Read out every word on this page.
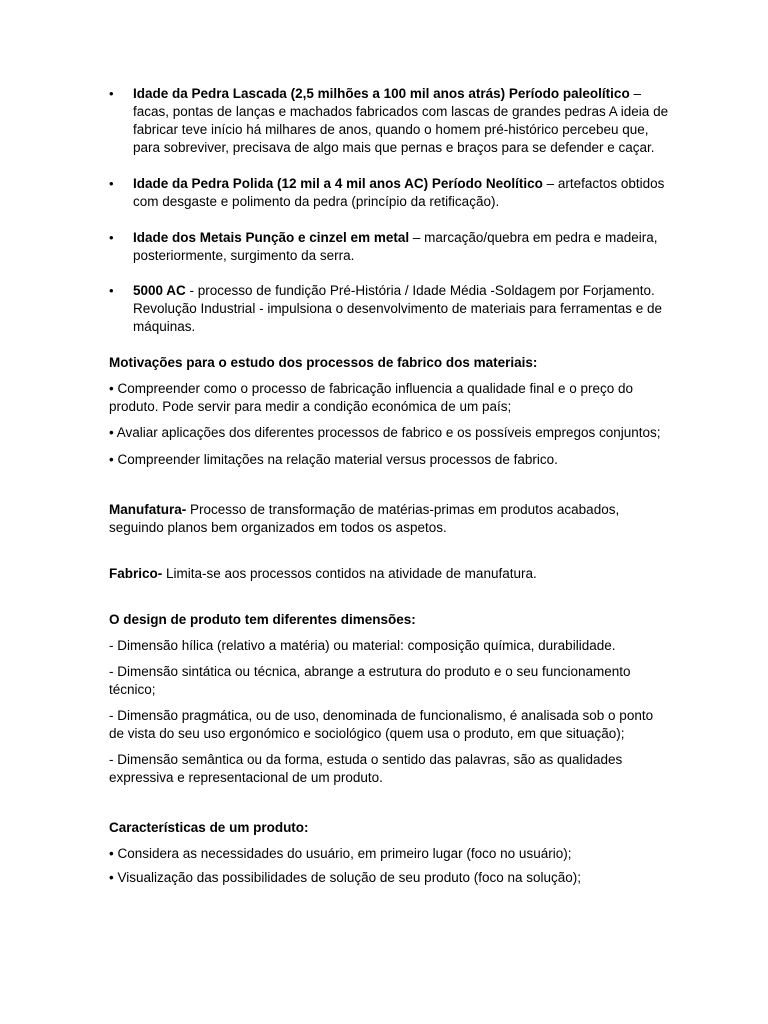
• Idade da Pedra Lascada (2,5 milhões a 100 mil anos atrás) Período paleolítico – facas, pontas de lanças e machados fabricados com lascas de grandes pedras A ideia de fabricar teve início há milhares de anos, quando o homem pré-histórico percebeu que, para sobreviver, precisava de algo mais que pernas e braços para se defender e caçar.
• Idade da Pedra Polida (12 mil a 4 mil anos AC) Período Neolítico – artefactos obtidos com desgaste e polimento da pedra (princípio da retificação).
• Idade dos Metais Punção e cinzel em metal – marcação/quebra em pedra e madeira, posteriormente, surgimento da serra.
• 5000 AC - processo de fundição Pré-História / Idade Média -Soldagem por Forjamento. Revolução Industrial - impulsiona o desenvolvimento de materiais para ferramentas e de máquinas.

Motivações para o estudo dos processos de fabrico dos materiais:

• Compreender como o processo de fabricação influencia a qualidade final e o preço do produto. Pode servir para medir a condição económica de um país;

• Avaliar aplicações dos diferentes processos de fabrico e os possíveis empregos conjuntos;

• Compreender limitações na relação material versus processos de fabrico.

Manufatura- Processo de transformação de matérias-primas em produtos acabados, seguindo planos bem organizados em todos os aspetos.

Fabrico- Limita-se aos processos contidos na atividade de manufatura.

O design de produto tem diferentes dimensões:

- Dimensão hílica (relativo a matéria) ou material: composição química, durabilidade.

- Dimensão sintática ou técnica, abrange a estrutura do produto e o seu funcionamento técnico;

- Dimensão pragmática, ou de uso, denominada de funcionalismo, é analisada sob o ponto de vista do seu uso ergonómico e sociológico (quem usa o produto, em que situação);

- Dimensão semântica ou da forma, estuda o sentido das palavras, são as qualidades expressiva e representacional de um produto.

Características de um produto:

• Considera as necessidades do usuário, em primeiro lugar (foco no usuário);

• Visualização das possibilidades de solução de seu produto (foco na solução);
